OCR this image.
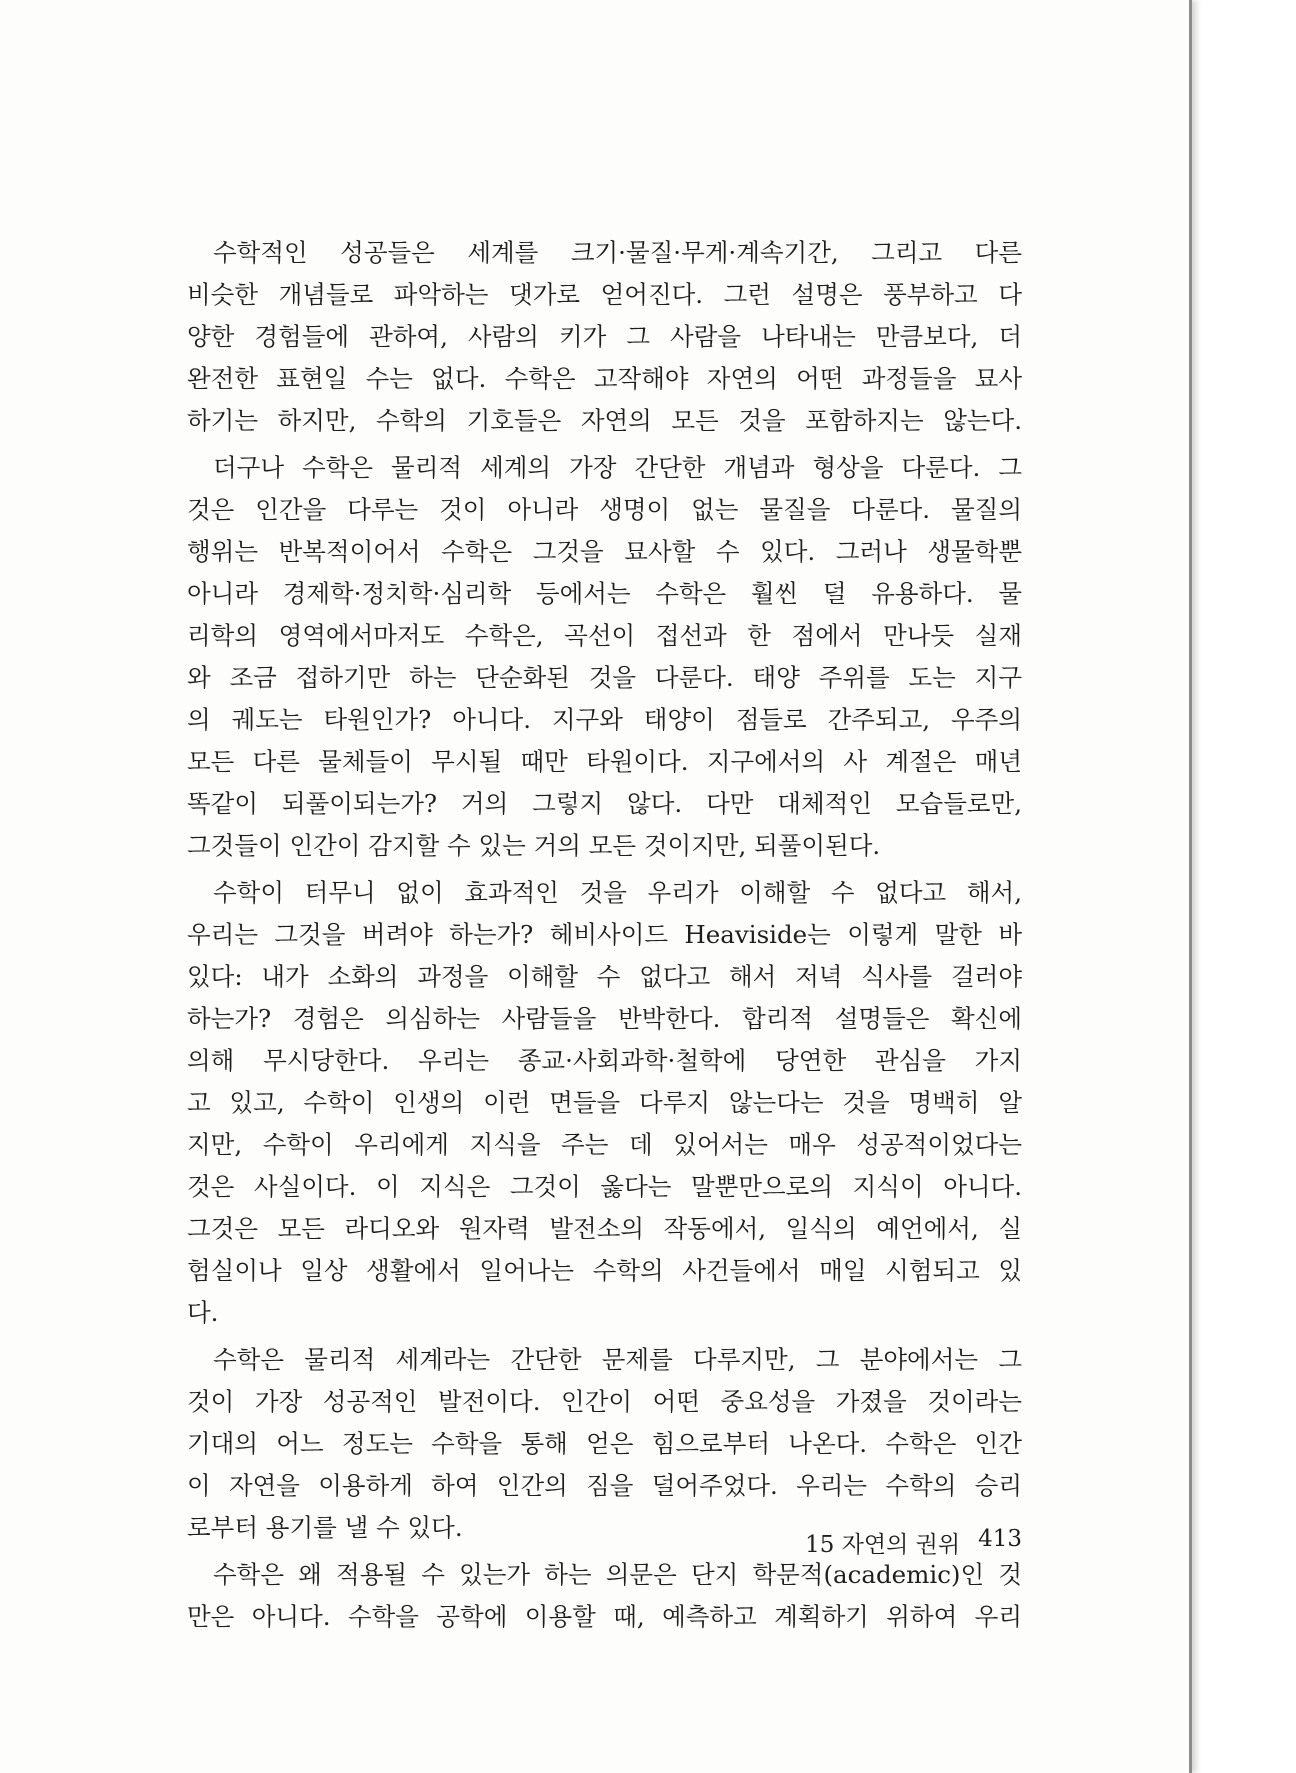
수학적인 성공들은 세계를 크기·물질·무게·계속기간, 그리고 다른
비슷한 개념들로 파악하는 댓가로 얻어진다. 그런 설명은 풍부하고 다
양한 경험들에 관하여, 사람의 키가 그 사람을 나타내는 만큼보다, 더
완전한 표현일 수는 없다. 수학은 고작해야 자연의 어떤 과정들을 묘사
하기는 하지만, 수학의 기호들은 자연의 모든 것을 포함하지는 않는다.
더구나 수학은 물리적 세계의 가장 간단한 개념과 형상을 다룬다. 그
것은 인간을 다루는 것이 아니라 생명이 없는 물질을 다룬다. 물질의
행위는 반복적이어서 수학은 그것을 묘사할 수 있다. 그러나 생물학뿐
아니라 경제학·정치학·심리학 등에서는 수학은 훨씬 덜 유용하다. 물
리학의 영역에서마저도 수학은, 곡선이 접선과 한 점에서 만나듯 실재
와 조금 접하기만 하는 단순화된 것을 다룬다. 태양 주위를 도는 지구
의 궤도는 타원인가? 아니다. 지구와 태양이 점들로 간주되고, 우주의
모든 다른 물체들이 무시될 때만 타원이다. 지구에서의 사 계절은 매년
똑같이 되풀이되는가? 거의 그렇지 않다. 다만 대체적인 모습들로만,
그것들이 인간이 감지할 수 있는 거의 모든 것이지만, 되풀이된다.
수학이 터무니 없이 효과적인 것을 우리가 이해할 수 없다고 해서,
우리는 그것을 버려야 하는가? 헤비사이드 Heaviside는 이렇게 말한 바
있다: 내가 소화의 과정을 이해할 수 없다고 해서 저녁 식사를 걸러야
하는가? 경험은 의심하는 사람들을 반박한다. 합리적 설명들은 확신에
의해 무시당한다. 우리는 종교·사회과학·철학에 당연한 관심을 가지
고 있고, 수학이 인생의 이런 면들을 다루지 않는다는 것을 명백히 알
지만, 수학이 우리에게 지식을 주는 데 있어서는 매우 성공적이었다는
것은 사실이다. 이 지식은 그것이 옳다는 말뿐만으로의 지식이 아니다.
그것은 모든 라디오와 원자력 발전소의 작동에서, 일식의 예언에서, 실
험실이나 일상 생활에서 일어나는 수학의 사건들에서 매일 시험되고 있
다.
수학은 물리적 세계라는 간단한 문제를 다루지만, 그 분야에서는 그
것이 가장 성공적인 발전이다. 인간이 어떤 중요성을 가졌을 것이라는
기대의 어느 정도는 수학을 통해 얻은 힘으로부터 나온다. 수학은 인간
이 자연을 이용하게 하여 인간의 짐을 덜어주었다. 우리는 수학의 승리
로부터 용기를 낼 수 있다.
수학은 왜 적용될 수 있는가 하는 의문은 단지 학문적(academic)인 것
만은 아니다. 수학을 공학에 이용할 때, 예측하고 계획하기 위하여 우리
15 자연의 권위 413
